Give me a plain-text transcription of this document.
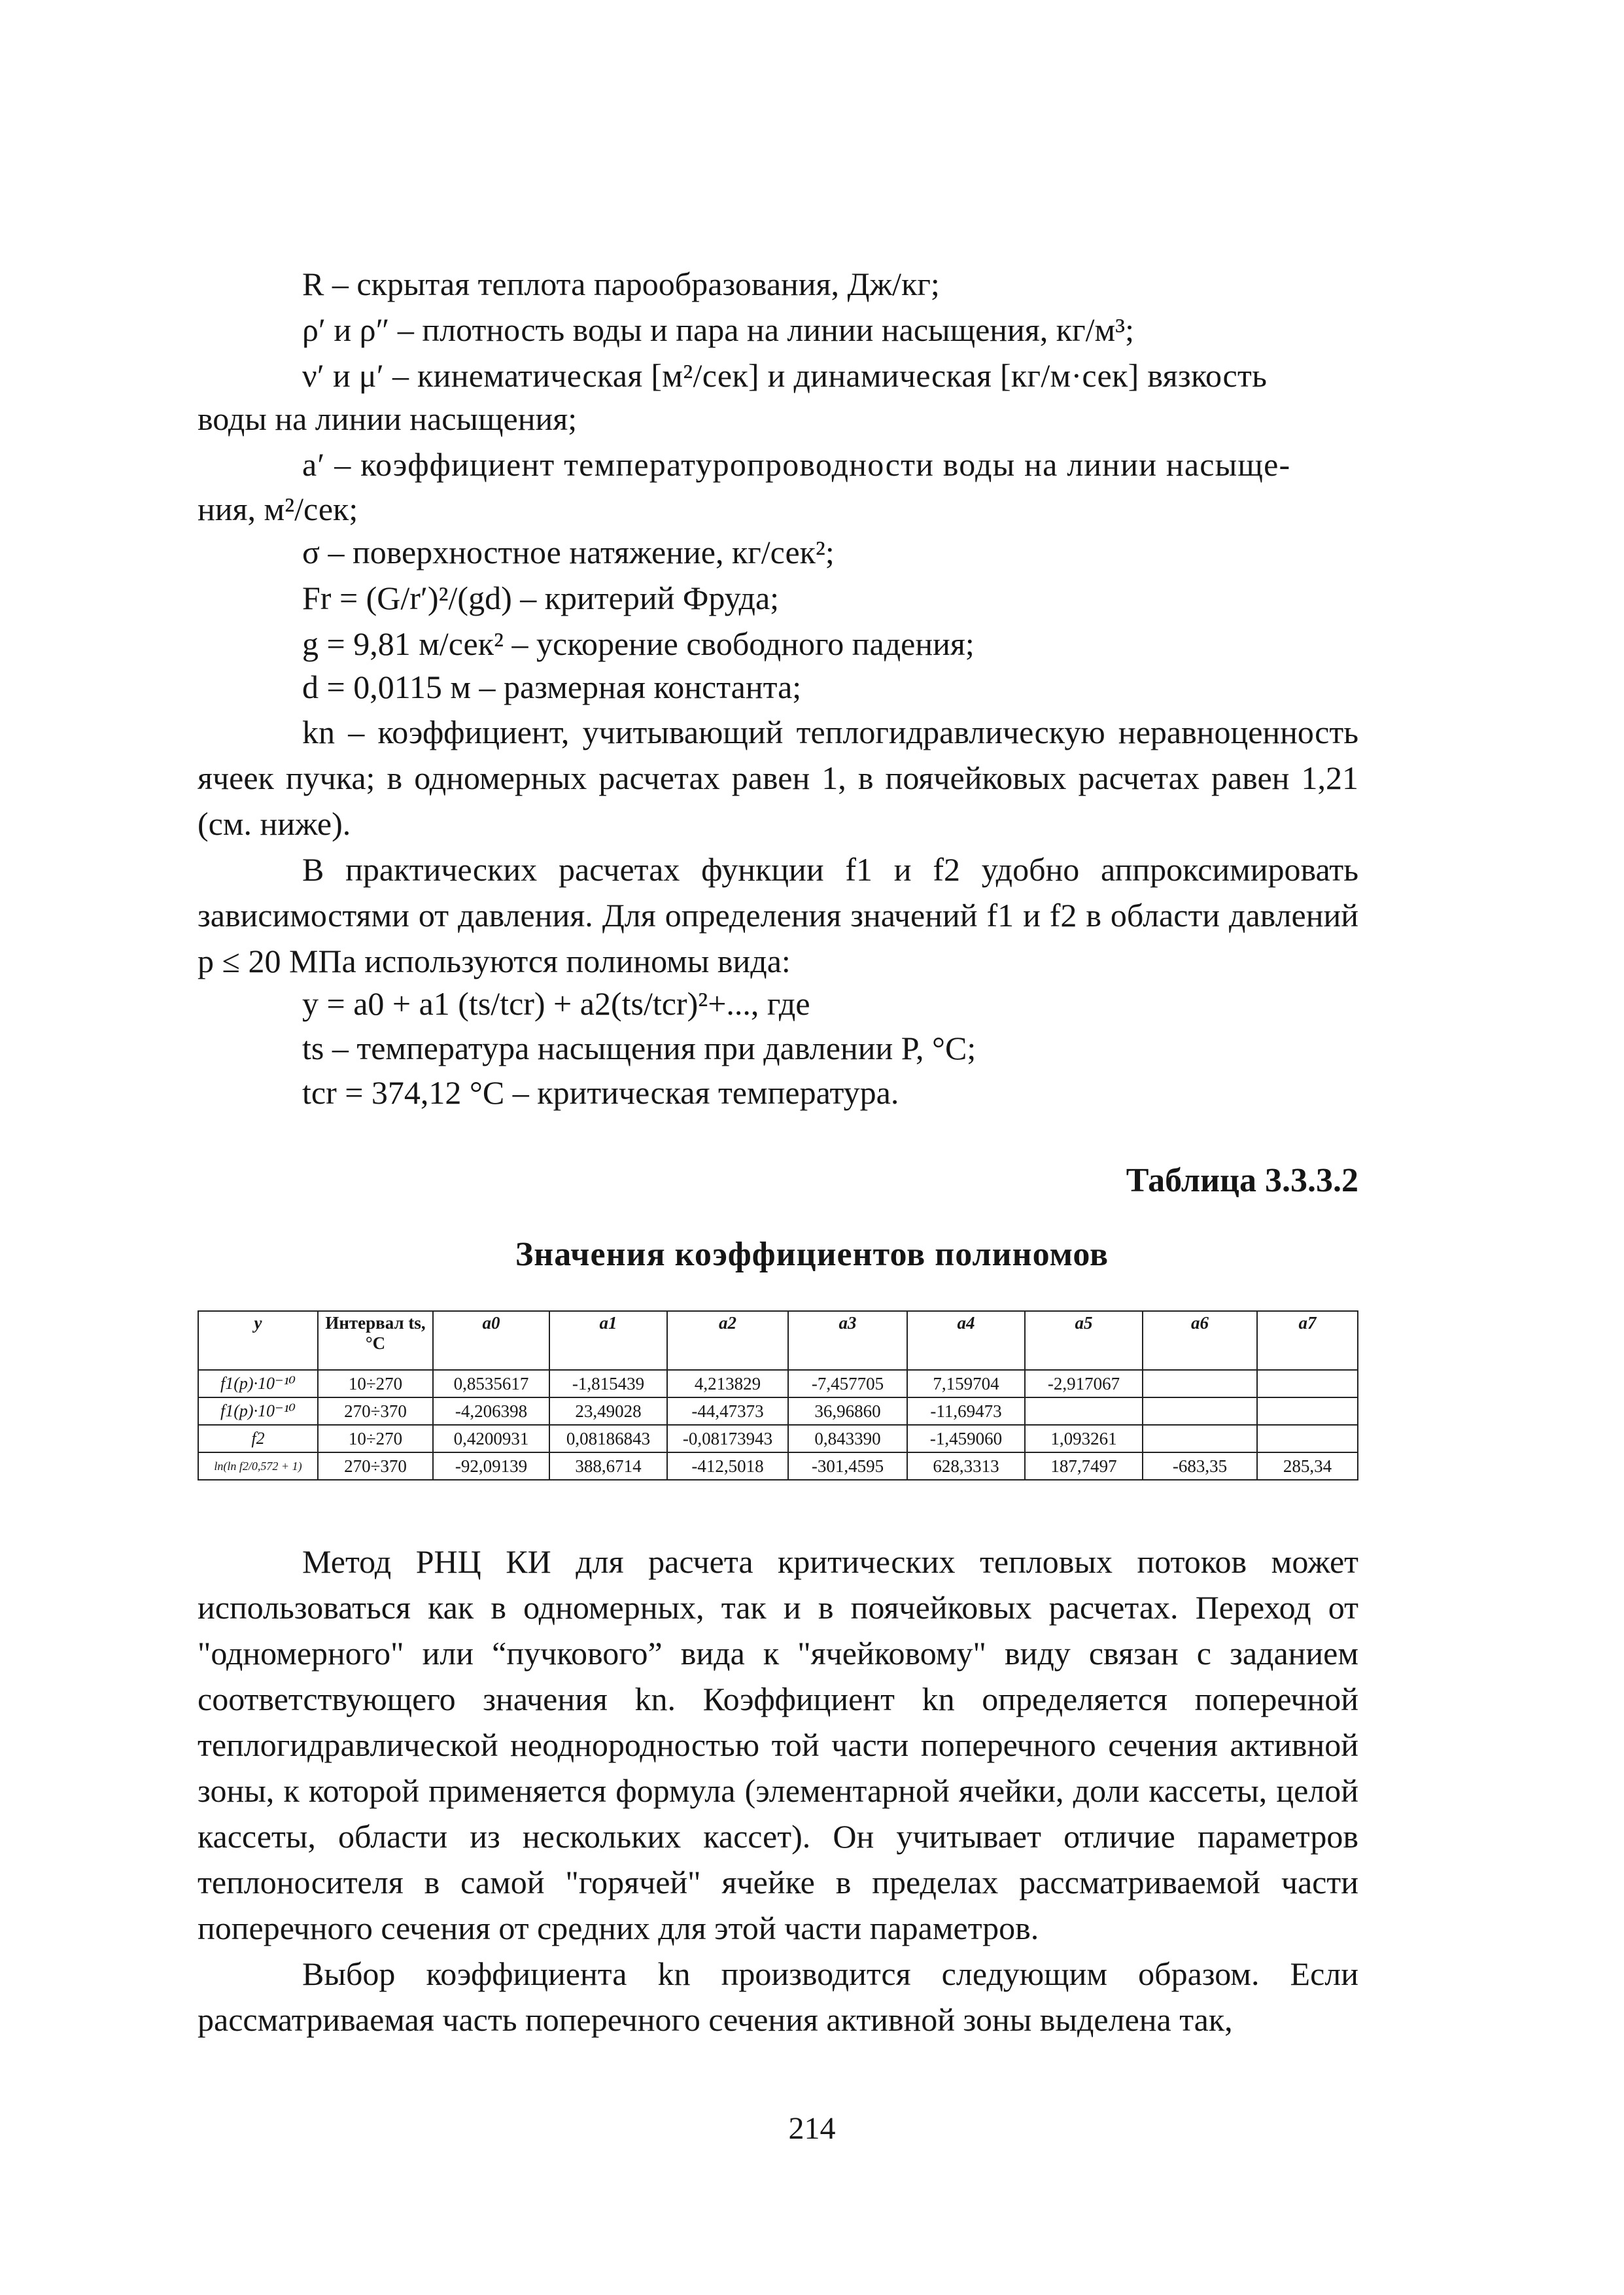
R – скрытая теплота парообразования, Дж/кг;
ρ′ и ρ″ – плотность воды и пара на линии насыщения, кг/м³;
ν′ и μ′ – кинематическая [м²/сек] и динамическая [кг/м·сек] вязкость
воды на линии насыщения;
a′ – коэффициент температуропроводности воды на линии насыще-
ния, м²/сек;
σ – поверхностное натяжение, кг/сек²;
Fr = (G/r′)²/(gd) – критерий Фруда;
g = 9,81 м/сек² – ускорение свободного падения;
d = 0,0115 м – размерная константа;
kn – коэффициент, учитывающий теплогидравлическую неравноценность ячеек пучка; в одномерных расчетах равен 1, в поячейковых расчетах равен 1,21 (см. ниже).
В практических расчетах функции f1 и f2 удобно аппроксимировать зависимостями от давления. Для определения значений f1 и f2 в области давлений p ≤ 20 МПа используются полиномы вида:
y = a0 + a1 (ts/tcr) + a2(ts/tcr)²+..., где
ts – температура насыщения при давлении P, °С;
tcr = 374,12 °С – критическая температура.
Таблица 3.3.3.2
Значения коэффициентов полиномов
y	Интервал ts, °С	a0	a1	a2	a3	a4	a5	a6	a7
f1(p)·10⁻¹⁰	10÷270	0,8535617	-1,815439	4,213829	-7,457705	7,159704	-2,917067		
f1(p)·10⁻¹⁰	270÷370	-4,206398	23,49028	-44,47373	36,96860	-11,69473			
f2	10÷270	0,4200931	0,08186843	-0,08173943	0,843390	-1,459060	1,093261		
ln(ln f2/0,572 + 1)	270÷370	-92,09139	388,6714	-412,5018	-301,4595	628,3313	187,7497	-683,35	285,34
Метод РНЦ КИ для расчета критических тепловых потоков может использоваться как в одномерных, так и в поячейковых расчетах. Переход от "одномерного" или “пучкового” вида к "ячейковому" виду связан с заданием соответствующего значения kn. Коэффициент kn определяется поперечной теплогидравлической неоднородностью той части поперечного сечения активной зоны, к которой применяется формула (элементарной ячейки, доли кассеты, целой кассеты, области из нескольких кассет). Он учитывает отличие параметров теплоносителя в самой "горячей" ячейке в пределах рассматриваемой части поперечного сечения от средних для этой части параметров.
Выбор коэффициента kn производится следующим образом. Если рассматриваемая часть поперечного сечения активной зоны выделена так,
214
